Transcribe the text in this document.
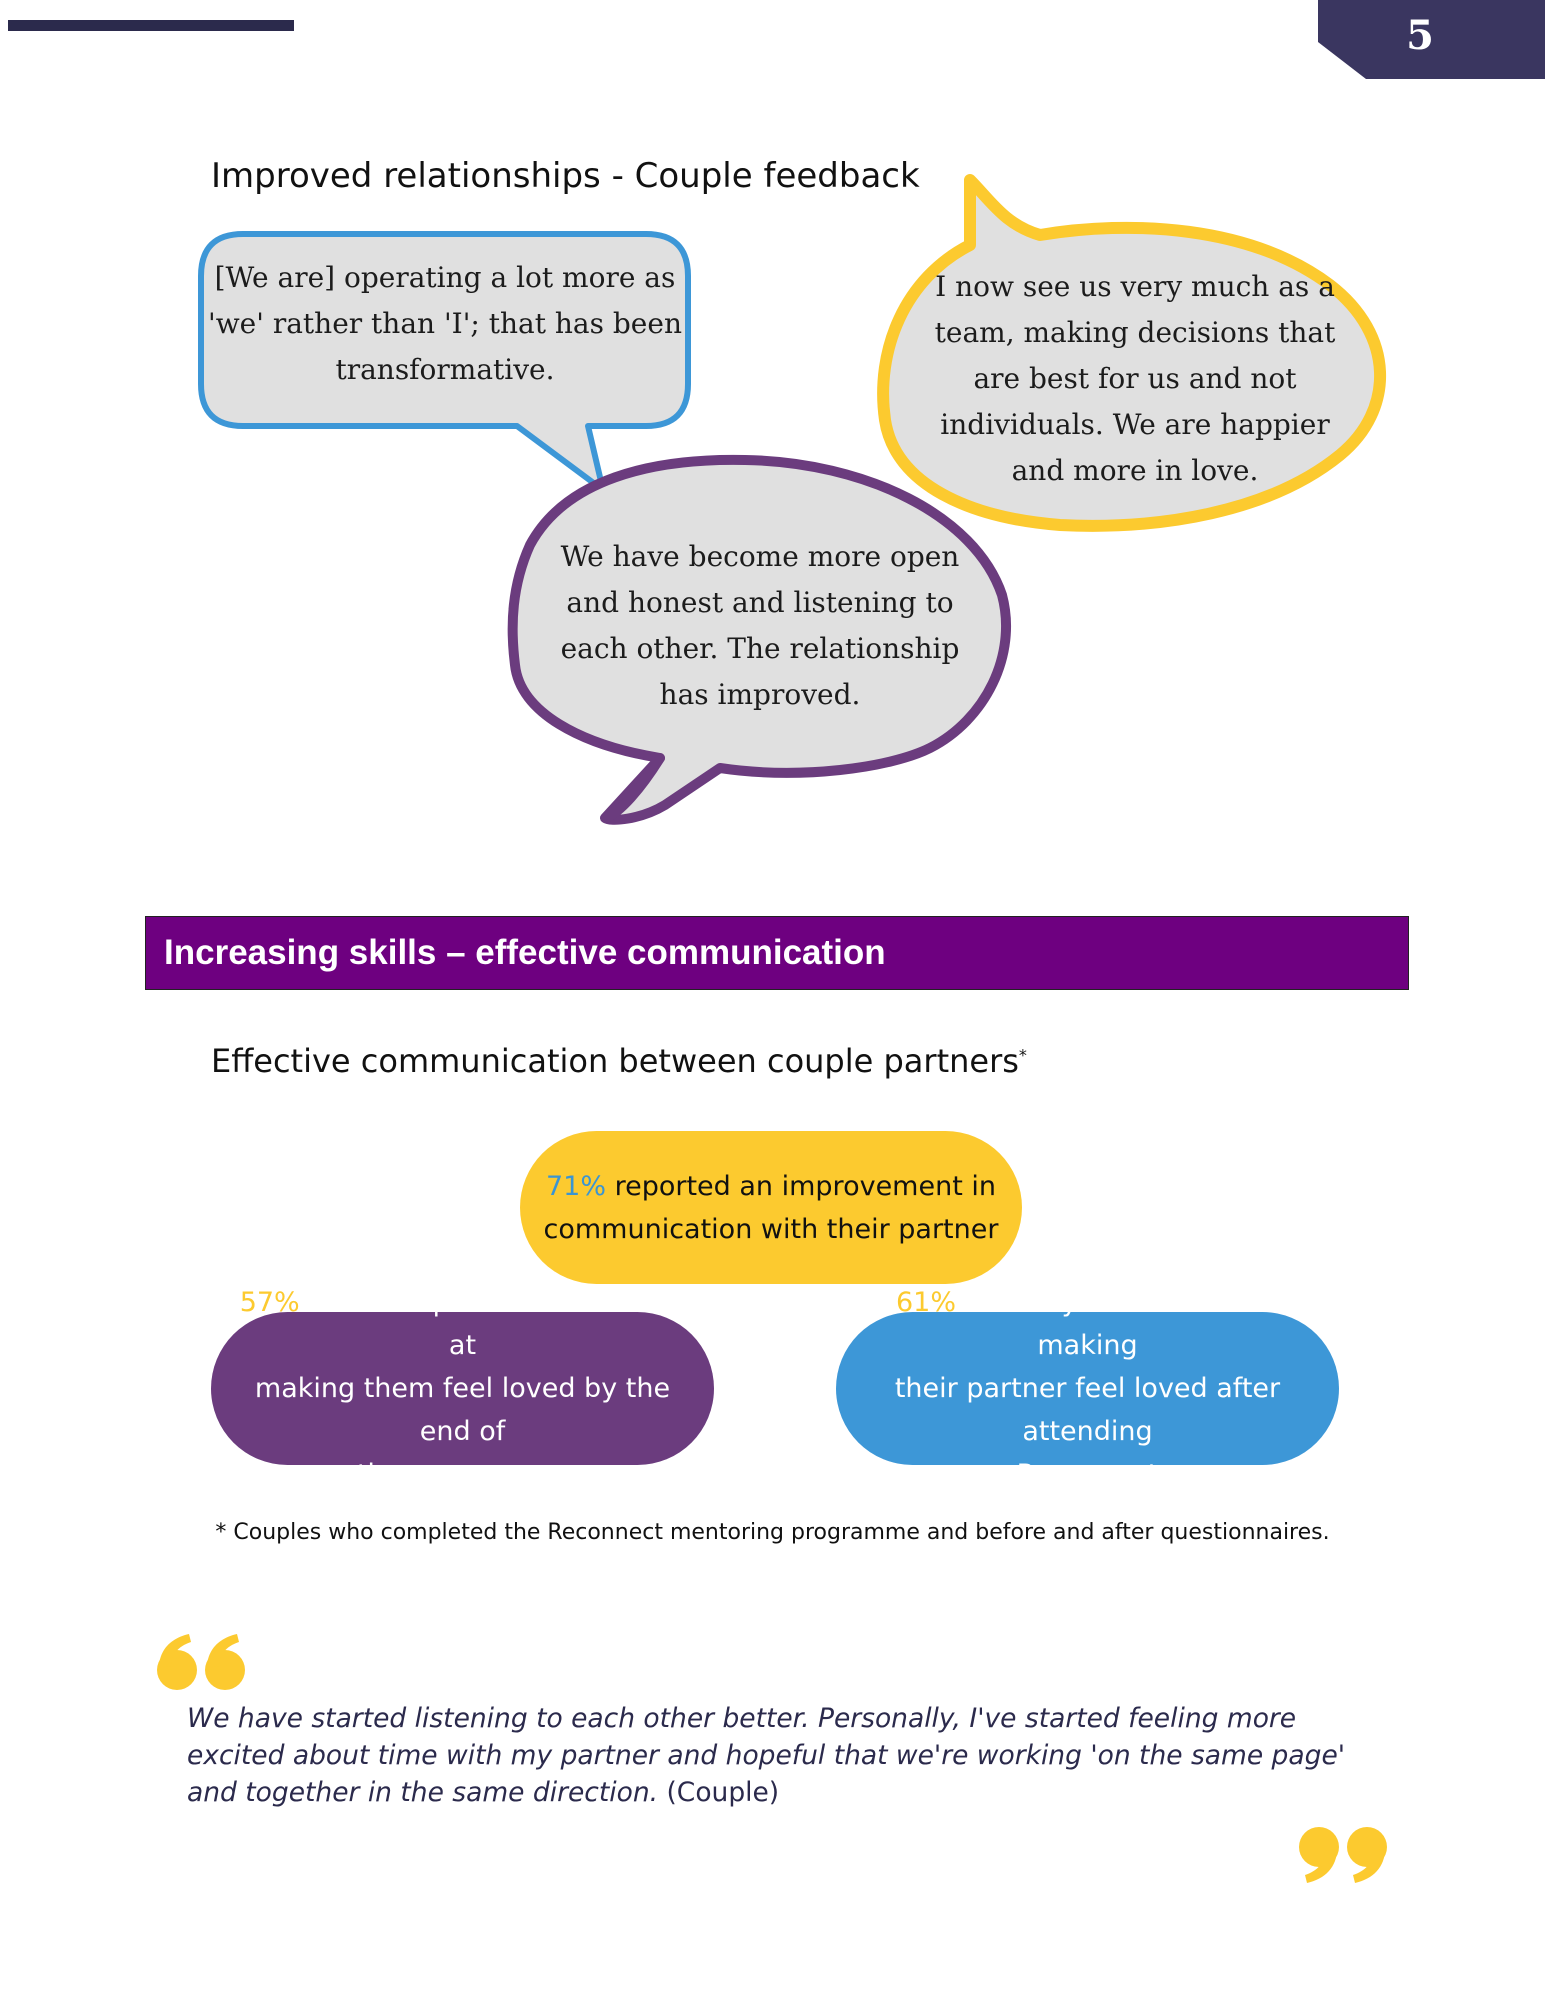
5
Improved relationships - Couple feedback
[We are] operating a lot more as
'we' rather than 'I'; that has been
transformative.
I now see us very much as a
team, making decisions that
are best for us and not
individuals. We are happier
and more in love.
We have become more open
and honest and listening to
each other. The relationship
has improved.
Increasing skills – effective communication
Effective communication between couple partners*
71% reported an improvement in
communication with their partner
57% felt their partner was better at
making them feel loved by the end of
the programme
61% felt they were better at making
their partner feel loved after attending
Reconnect
* Couples who completed the Reconnect mentoring programme and before and after questionnaires.
We have started listening to each other better. Personally, I've started feeling more excited about time with my partner and hopeful that we're working 'on the same page' and together in the same direction. (Couple)
